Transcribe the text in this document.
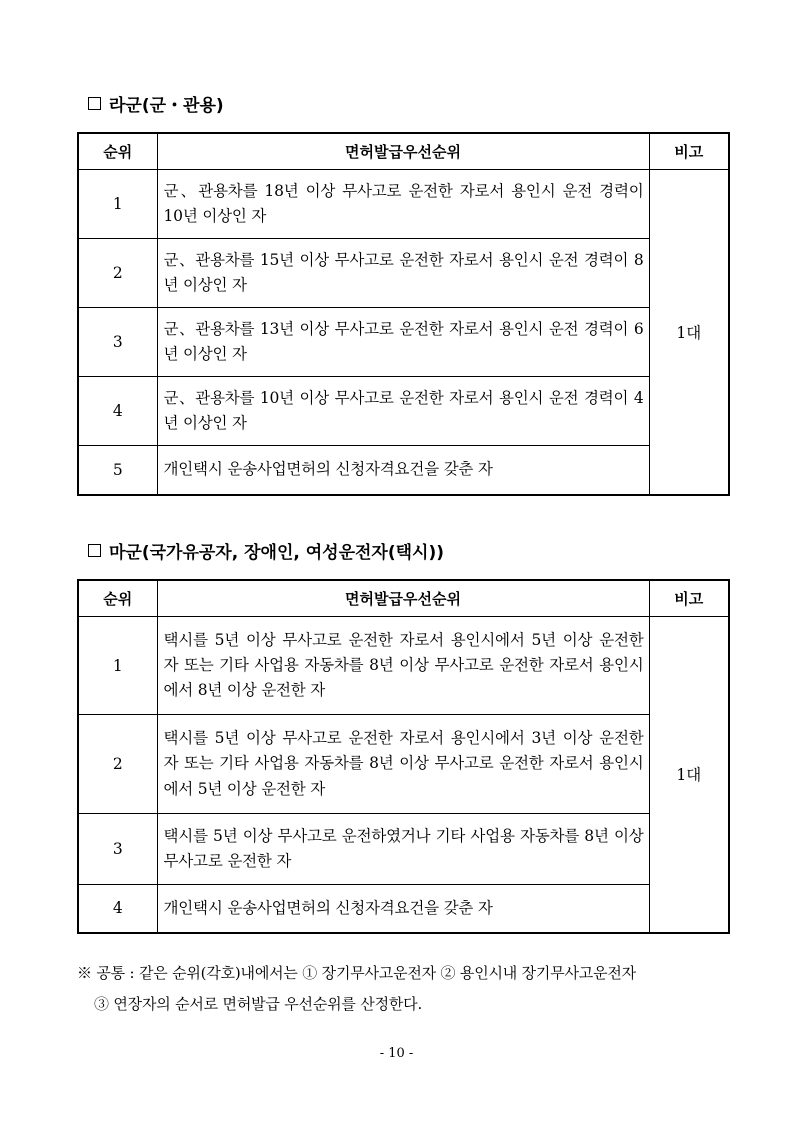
라군(군・관용)
순위	면허발급우선순위	비고
1	군、관용차를 18년 이상 무사고로 운전한 자로서 용인시 운전 경력이 10년 이상인 자	1대
2	군、관용차를 15년 이상 무사고로 운전한 자로서 용인시 운전 경력이 8년 이상인 자	
3	군、관용차를 13년 이상 무사고로 운전한 자로서 용인시 운전 경력이 6년 이상인 자	
4	군、관용차를 10년 이상 무사고로 운전한 자로서 용인시 운전 경력이 4년 이상인 자	
5	개인택시 운송사업면허의 신청자격요건을 갖춘 자	
마군(국가유공자, 장애인, 여성운전자(택시))
순위	면허발급우선순위	비고
1	택시를 5년 이상 무사고로 운전한 자로서 용인시에서 5년 이상 운전한 자 또는 기타 사업용 자동차를 8년 이상 무사고로 운전한 자로서 용인시에서 8년 이상 운전한 자	1대
2	택시를 5년 이상 무사고로 운전한 자로서 용인시에서 3년 이상 운전한 자 또는 기타 사업용 자동차를 8년 이상 무사고로 운전한 자로서 용인시에서 5년 이상 운전한 자	
3	택시를 5년 이상 무사고로 운전하였거나 기타 사업용 자동차를 8년 이상 무사고로 운전한 자	
4	개인택시 운송사업면허의 신청자격요건을 갖춘 자	
※ 공통 : 같은 순위(각호)내에서는 ① 장기무사고운전자 ② 용인시내 장기무사고운전자
③ 연장자의 순서로 면허발급 우선순위를 산정한다.
- 10 -
